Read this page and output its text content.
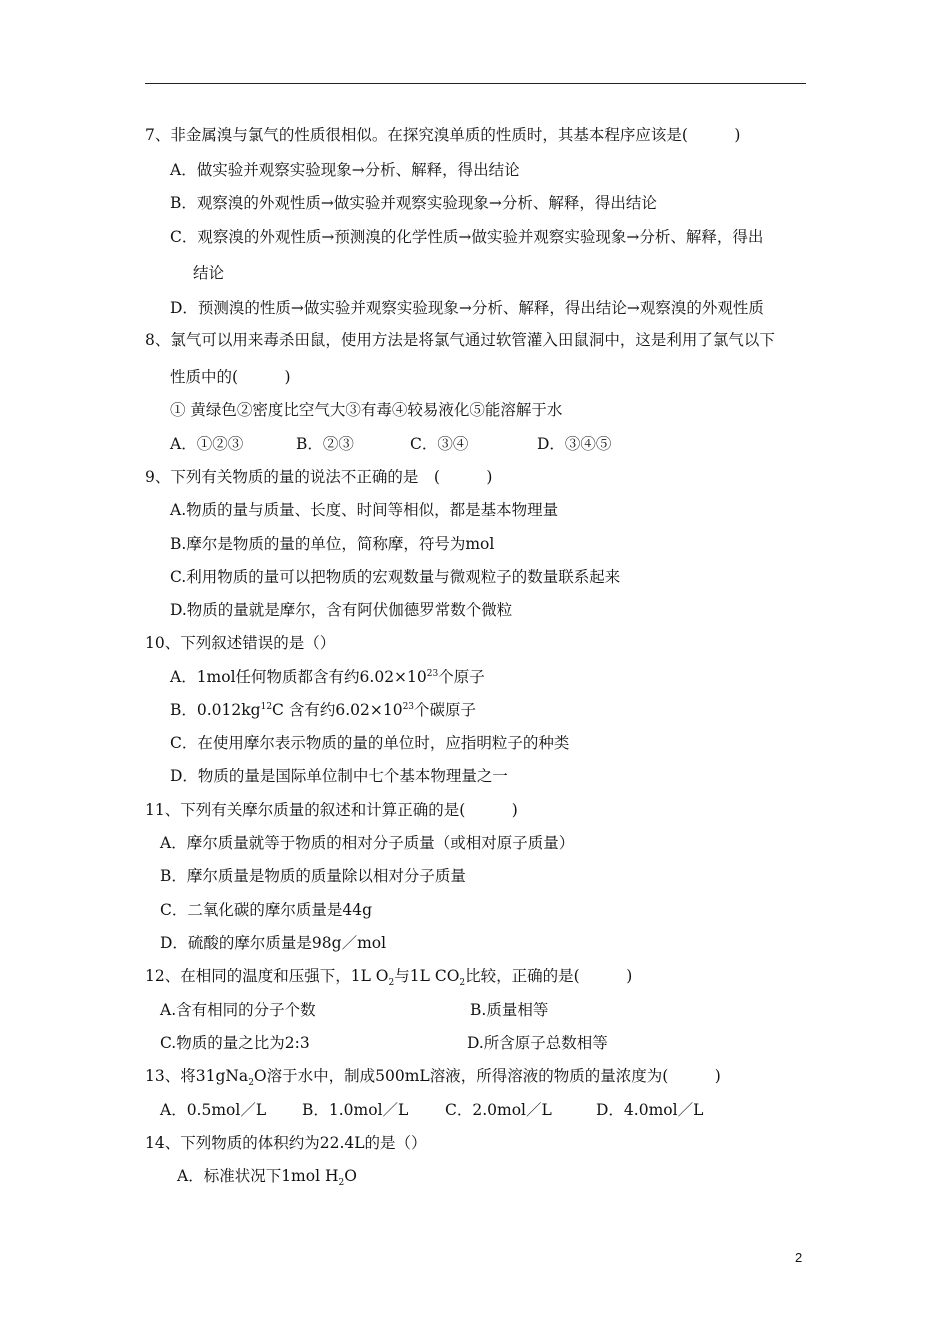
7、非金属溴与氯气的性质很相似。在探究溴单质的性质时，其基本程序应该是(　　　)
A．做实验并观察实验现象→分析、解释，得出结论
B．观察溴的外观性质→做实验并观察实验现象→分析、解释，得出结论
C．观察溴的外观性质→预测溴的化学性质→做实验并观察实验现象→分析、解释，得出
结论
D．预测溴的性质→做实验并观察实验现象→分析、解释，得出结论→观察溴的外观性质
8、氯气可以用来毒杀田鼠，使用方法是将氯气通过软管灌入田鼠洞中，这是利用了氯气以下
性质中的(　　　)
① 黄绿色②密度比空气大③有毒④较易液化⑤能溶解于水
A．①②③	B．②③	C．③④	D．③④⑤
9、下列有关物质的量的说法不正确的是　(　　　)
A.物质的量与质量、长度、时间等相似，都是基本物理量
B.摩尔是物质的量的单位，简称摩，符号为mol
C.利用物质的量可以把物质的宏观数量与微观粒子的数量联系起来
D.物质的量就是摩尔，含有阿伏伽德罗常数个微粒
10、下列叙述错误的是（）
A．1mol任何物质都含有约$6.02\times 10^{23}$个原子
B．$0.012kg^{12}C$ 含有约$6.02\times 10^{23}$个碳原子
C．在使用摩尔表示物质的量的单位时，应指明粒子的种类
D．物质的量是国际单位制中七个基本物理量之一
11、下列有关摩尔质量的叙述和计算正确的是(　　　)
A．摩尔质量就等于物质的相对分子质量（或相对原子质量）
B．摩尔质量是物质的质量除以相对分子质量
C．二氧化碳的摩尔质量是44g
D．硫酸的摩尔质量是98g／mol
12、在相同的温度和压强下，1L $O_2$与1L $CO_2$比较，正确的是(　　　)
A.含有相同的分子个数	B.质量相等
C.物质的量之比为2:3	D.所含原子总数相等
13、将31gNa$_2$O溶于水中，制成500mL溶液，所得溶液的物质的量浓度为(　　　)
A．0.5mol／L B．1.0mol／L C．2.0mol／L	D．4.0mol／L
14、下列物质的体积约为22.4L的是（）
A．标准状况下1mol $H_2O$
2
